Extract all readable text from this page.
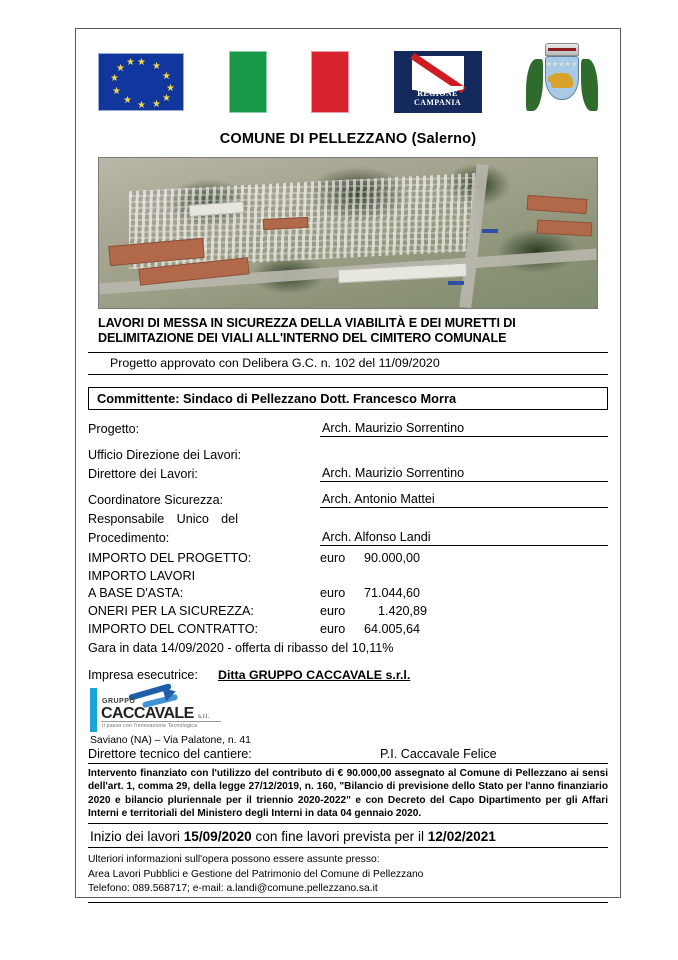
★ ★
★
★
★
★
★
★
★
★
★
★
REGIONE CAMPANIA
★★★★★
COMUNE DI PELLEZZANO (Salerno)
LAVORI DI MESSA IN SICUREZZA DELLA VIABILITÀ E DEI MURETTI DI DELIMITAZIONE DEI VIALI ALL'INTERNO DEL CIMITERO COMUNALE
Progetto approvato con Delibera G.C. n. 102 del 11/09/2020
Committente: Sindaco di Pellezzano Dott. Francesco Morra
Progetto:	Arch. Maurizio Sorrentino
Ufficio Direzione dei Lavori:
Direttore dei Lavori:	Arch. Maurizio Sorrentino
Coordinatore Sicurezza:	Arch. Antonio Mattei
Responsabile Unico del
Procedimento:	Arch. Alfonso Landi
IMPORTO DEL PROGETTO:	euro	90.000,00
IMPORTO LAVORI
A BASE D'ASTA:	euro	71.044,60
ONERI PER LA SICUREZZA:	euro	1.420,89
IMPORTO DEL CONTRATTO:	euro	64.005,64
Gara in data 14/09/2020 - offerta di ribasso del 10,11%
Impresa esecutrice:	Ditta GRUPPO CACCAVALE s.r.l.
GRUPPO
CACCAVALE s.r.l.
Il passo con l'innovazione Tecnologica
Saviano (NA) – Via Palatone, n. 41
Direttore tecnico del cantiere:	P.I. Caccavale Felice
Intervento finanziato con l'utilizzo del contributo di € 90.000,00 assegnato al Comune di Pellezzano ai sensi dell'art. 1, comma 29, della legge 27/12/2019, n. 160, "Bilancio di previsione dello Stato per l'anno finanziario 2020 e bilancio pluriennale per il triennio 2020-2022" e con Decreto del Capo Dipartimento per gli Affari Interni e territoriali del Ministero degli Interni in data 04 gennaio 2020.
Inizio dei lavori 15/09/2020 con fine lavori prevista per il 12/02/2021
Ulteriori informazioni sull'opera possono essere assunte presso:
Area Lavori Pubblici e Gestione del Patrimonio del Comune di Pellezzano
Telefono: 089.568717; e-mail: a.landi@comune.pellezzano.sa.it
